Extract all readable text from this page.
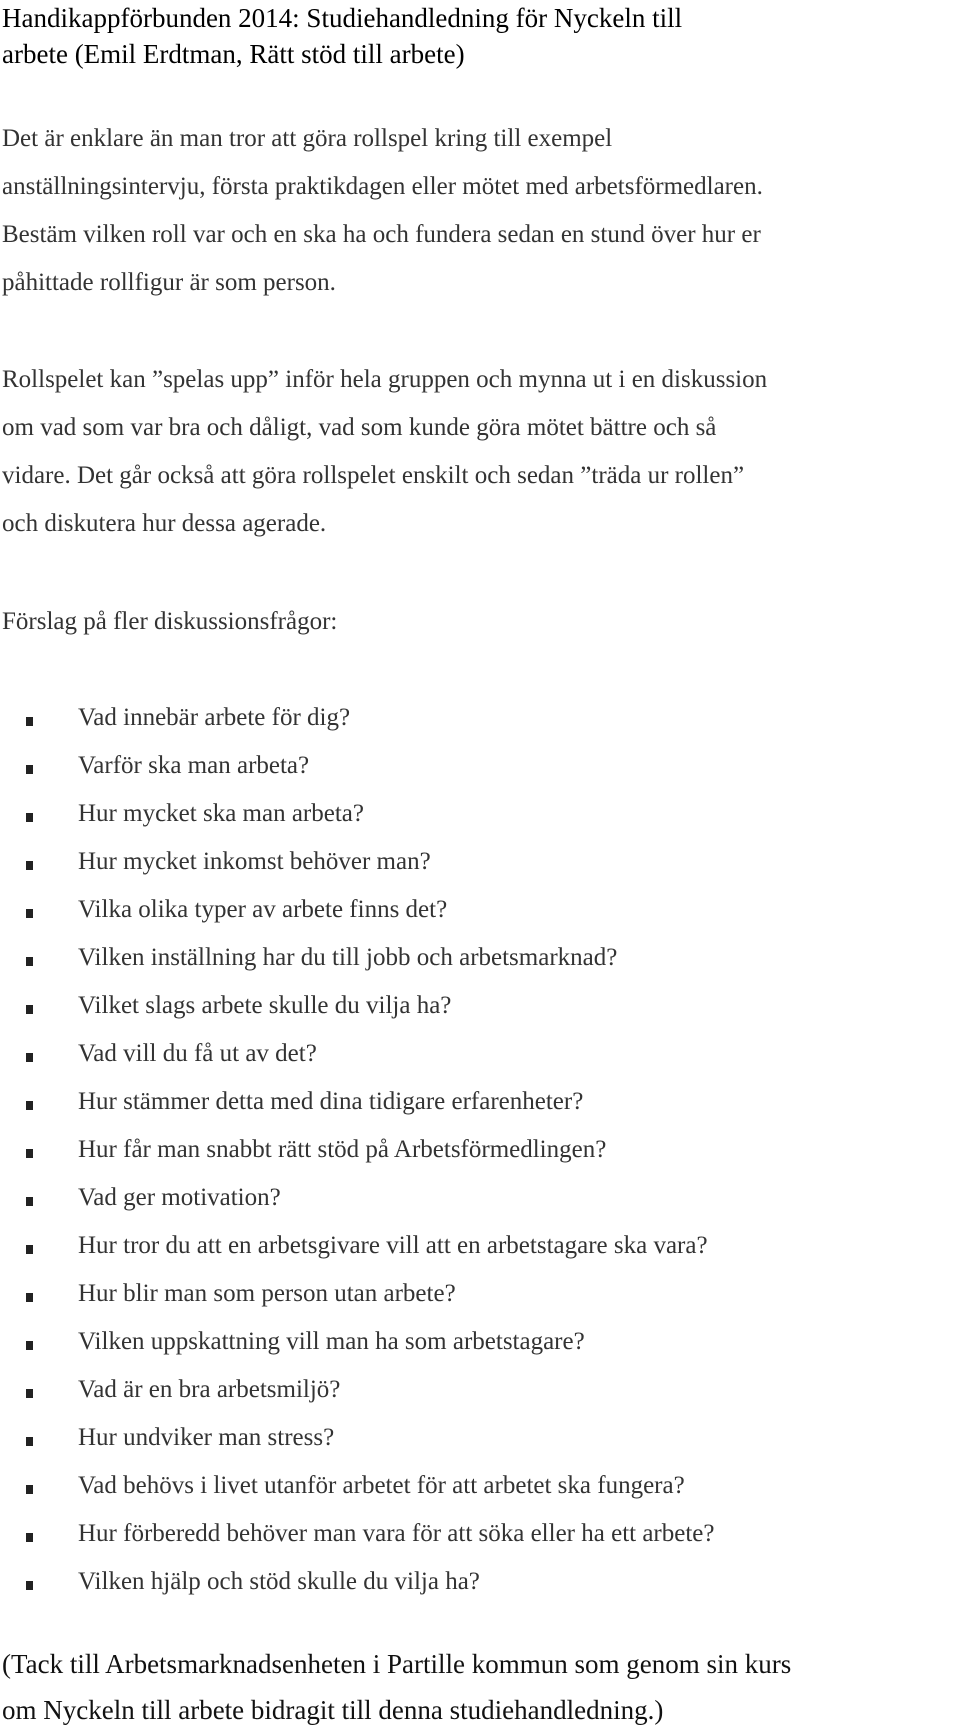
Handikappförbunden 2014: Studiehandledning för Nyckeln till
arbete (Emil Erdtman, Rätt stöd till arbete)
Det är enklare än man tror att göra rollspel kring till exempel
anställningsintervju, första praktikdagen eller mötet med arbetsförmedlaren.
Bestäm vilken roll var och en ska ha och fundera sedan en stund över hur er
påhittade rollfigur är som person.
Rollspelet kan ”spelas upp” inför hela gruppen och mynna ut i en diskussion
om vad som var bra och dåligt, vad som kunde göra mötet bättre och så
vidare. Det går också att göra rollspelet enskilt och sedan ”träda ur rollen”
och diskutera hur dessa agerade.
Förslag på fler diskussionsfrågor:
Vad innebär arbete för dig?
Varför ska man arbeta?
Hur mycket ska man arbeta?
Hur mycket inkomst behöver man?
Vilka olika typer av arbete finns det?
Vilken inställning har du till jobb och arbetsmarknad?
Vilket slags arbete skulle du vilja ha?
Vad vill du få ut av det?
Hur stämmer detta med dina tidigare erfarenheter?
Hur får man snabbt rätt stöd på Arbetsförmedlingen?
Vad ger motivation?
Hur tror du att en arbetsgivare vill att en arbetstagare ska vara?
Hur blir man som person utan arbete?
Vilken uppskattning vill man ha som arbetstagare?
Vad är en bra arbetsmiljö?
Hur undviker man stress?
Vad behövs i livet utanför arbetet för att arbetet ska fungera?
Hur förberedd behöver man vara för att söka eller ha ett arbete?
Vilken hjälp och stöd skulle du vilja ha?
(Tack till Arbetsmarknadsenheten i Partille kommun som genom sin kurs
om Nyckeln till arbete bidragit till denna studiehandledning.)
